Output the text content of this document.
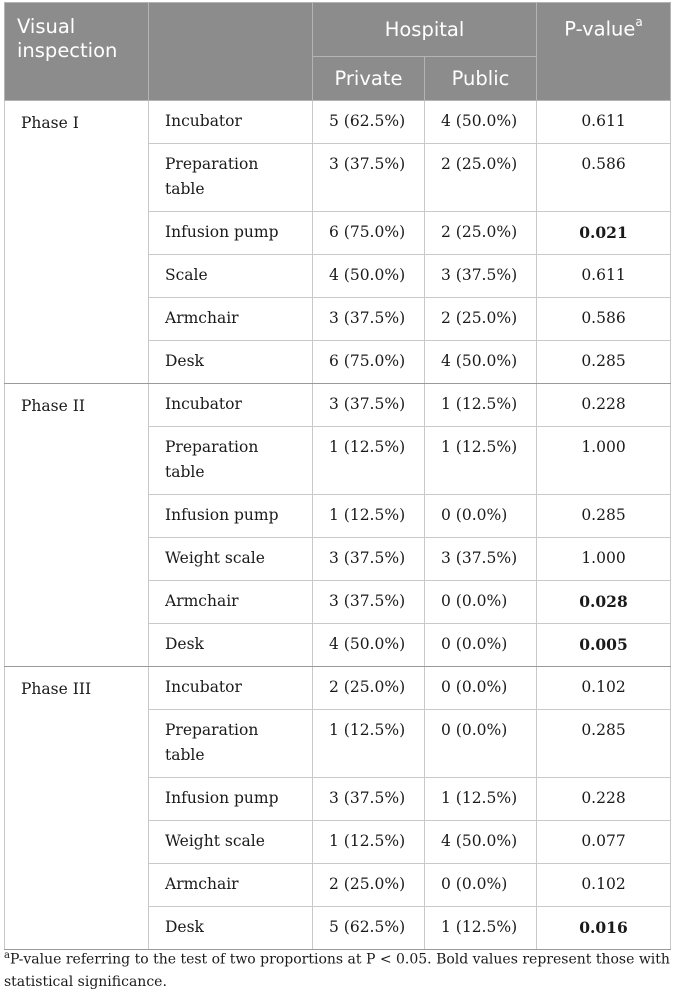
Visual inspection		Hospital		P-value$^a$
		Private	Public	
Phase I	Incubator	5 (62.5%)	4 (50.0%)	0.611
	Preparation table	3 (37.5%)	2 (25.0%)	0.586
	Infusion pump	6 (75.0%)	2 (25.0%)	0.021
	Scale	4 (50.0%)	3 (37.5%)	0.611
	Armchair	3 (37.5%)	2 (25.0%)	0.586
	Desk	6 (75.0%)	4 (50.0%)	0.285
Phase II	Incubator	3 (37.5%)	1 (12.5%)	0.228
	Preparation table	1 (12.5%)	1 (12.5%)	1.000
	Infusion pump	1 (12.5%)	0 (0.0%)	0.285
	Weight scale	3 (37.5%)	3 (37.5%)	1.000
	Armchair	3 (37.5%)	0 (0.0%)	0.028
	Desk	4 (50.0%)	0 (0.0%)	0.005
Phase III	Incubator	2 (25.0%)	0 (0.0%)	0.102
	Preparation table	1 (12.5%)	0 (0.0%)	0.285
	Infusion pump	3 (37.5%)	1 (12.5%)	0.228
	Weight scale	1 (12.5%)	4 (50.0%)	0.077
	Armchair	2 (25.0%)	0 (0.0%)	0.102
	Desk	5 (62.5%)	1 (12.5%)	0.016
$^a$P-value referring to the test of two proportions at P < 0.05. Bold values represent those with statistical significance.
